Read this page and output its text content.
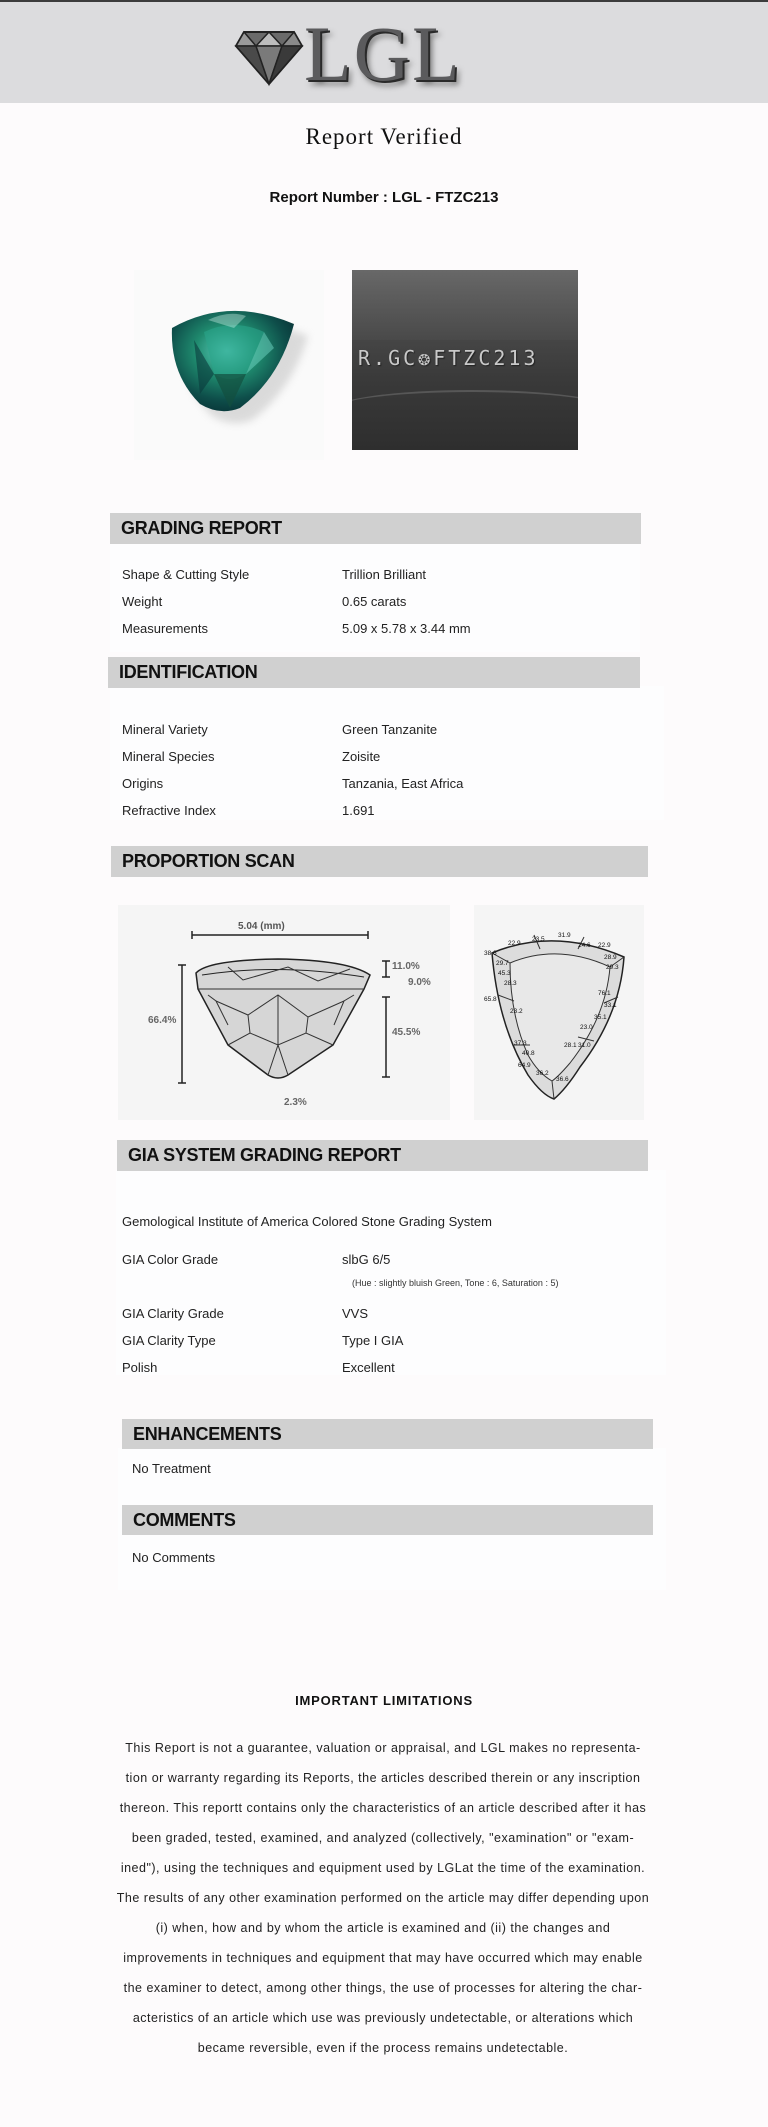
LGL
Report Verified
Report Number : LGL - FTZC213
R.GC❂FTZC213
GRADING REPORT
Shape & Cutting Style	Trillion Brilliant
Weight	0.65 carats
Measurements	5.09 x 5.78 x 3.44 mm
IDENTIFICATION
Mineral Variety	Green Tanzanite
Mineral Species	Zoisite
Origins	Tanzania, East Africa
Refractive Index	1.691
PROPORTION SCAN
5.04 (mm)
66.4%
11.0%
9.0%
45.5%
2.3%
38.6
22.9
23.5
31.9
24.6 22.9
28.9
29.3
29.7
45.3
28.3
65.8
76.1
33.1
35.1
23.2
23.0
31.0
37.3
40.8
64.9
28.1
36.2
36.6
GIA SYSTEM GRADING REPORT
Gemological Institute of America Colored Stone Grading System
GIA Color Grade	slbG 6/5
(Hue : slightly bluish Green, Tone : 6, Saturation : 5)
GIA Clarity Grade	VVS
GIA Clarity Type	Type I GIA
Polish	Excellent
ENHANCEMENTS
No Treatment
COMMENTS
No Comments
IMPORTANT LIMITATIONS
This Report is not a guarantee, valuation or appraisal, and LGL makes no representa-tion or warranty regarding its Reports, the articles described therein or any inscription thereon. This reportt contains only the characteristics of an article described after it has been graded, tested, examined, and analyzed (collectively, "examination" or "exam-ined"), using the techniques and equipment used by LGLat the time of the examination. The results of any other examination performed on the article may differ depending upon (i) when, how and by whom the article is examined and (ii) the changes and improvements in techniques and equipment that may have occurred which may enable the examiner to detect, among other things, the use of processes for altering the char-acteristics of an article which use was previously undetectable, or alterations which became reversible, even if the process remains undetectable.
